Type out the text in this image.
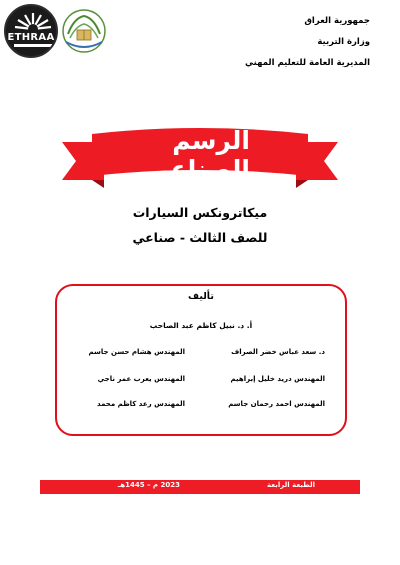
ETHRAA
جمهورية العراق
وزارة التربية
المديرية العامة للتعليم المهني
الرسم الصناعي
ميكاترونكس السيارات
للصف الثالث - صناعي
تأليف
أ. د. نبيل كاظم عبد الصاحب
د. سعد عباس خضر الصراف
المهندس دريد خليل إبراهيم
المهندس احمد رحمان جاسم
المهندس هشام حسن جاسم
المهندس يعرب عمر ناجي
المهندس رعد كاظم محمد
الطبعة الرابعة
2023 م – 1445هـ
